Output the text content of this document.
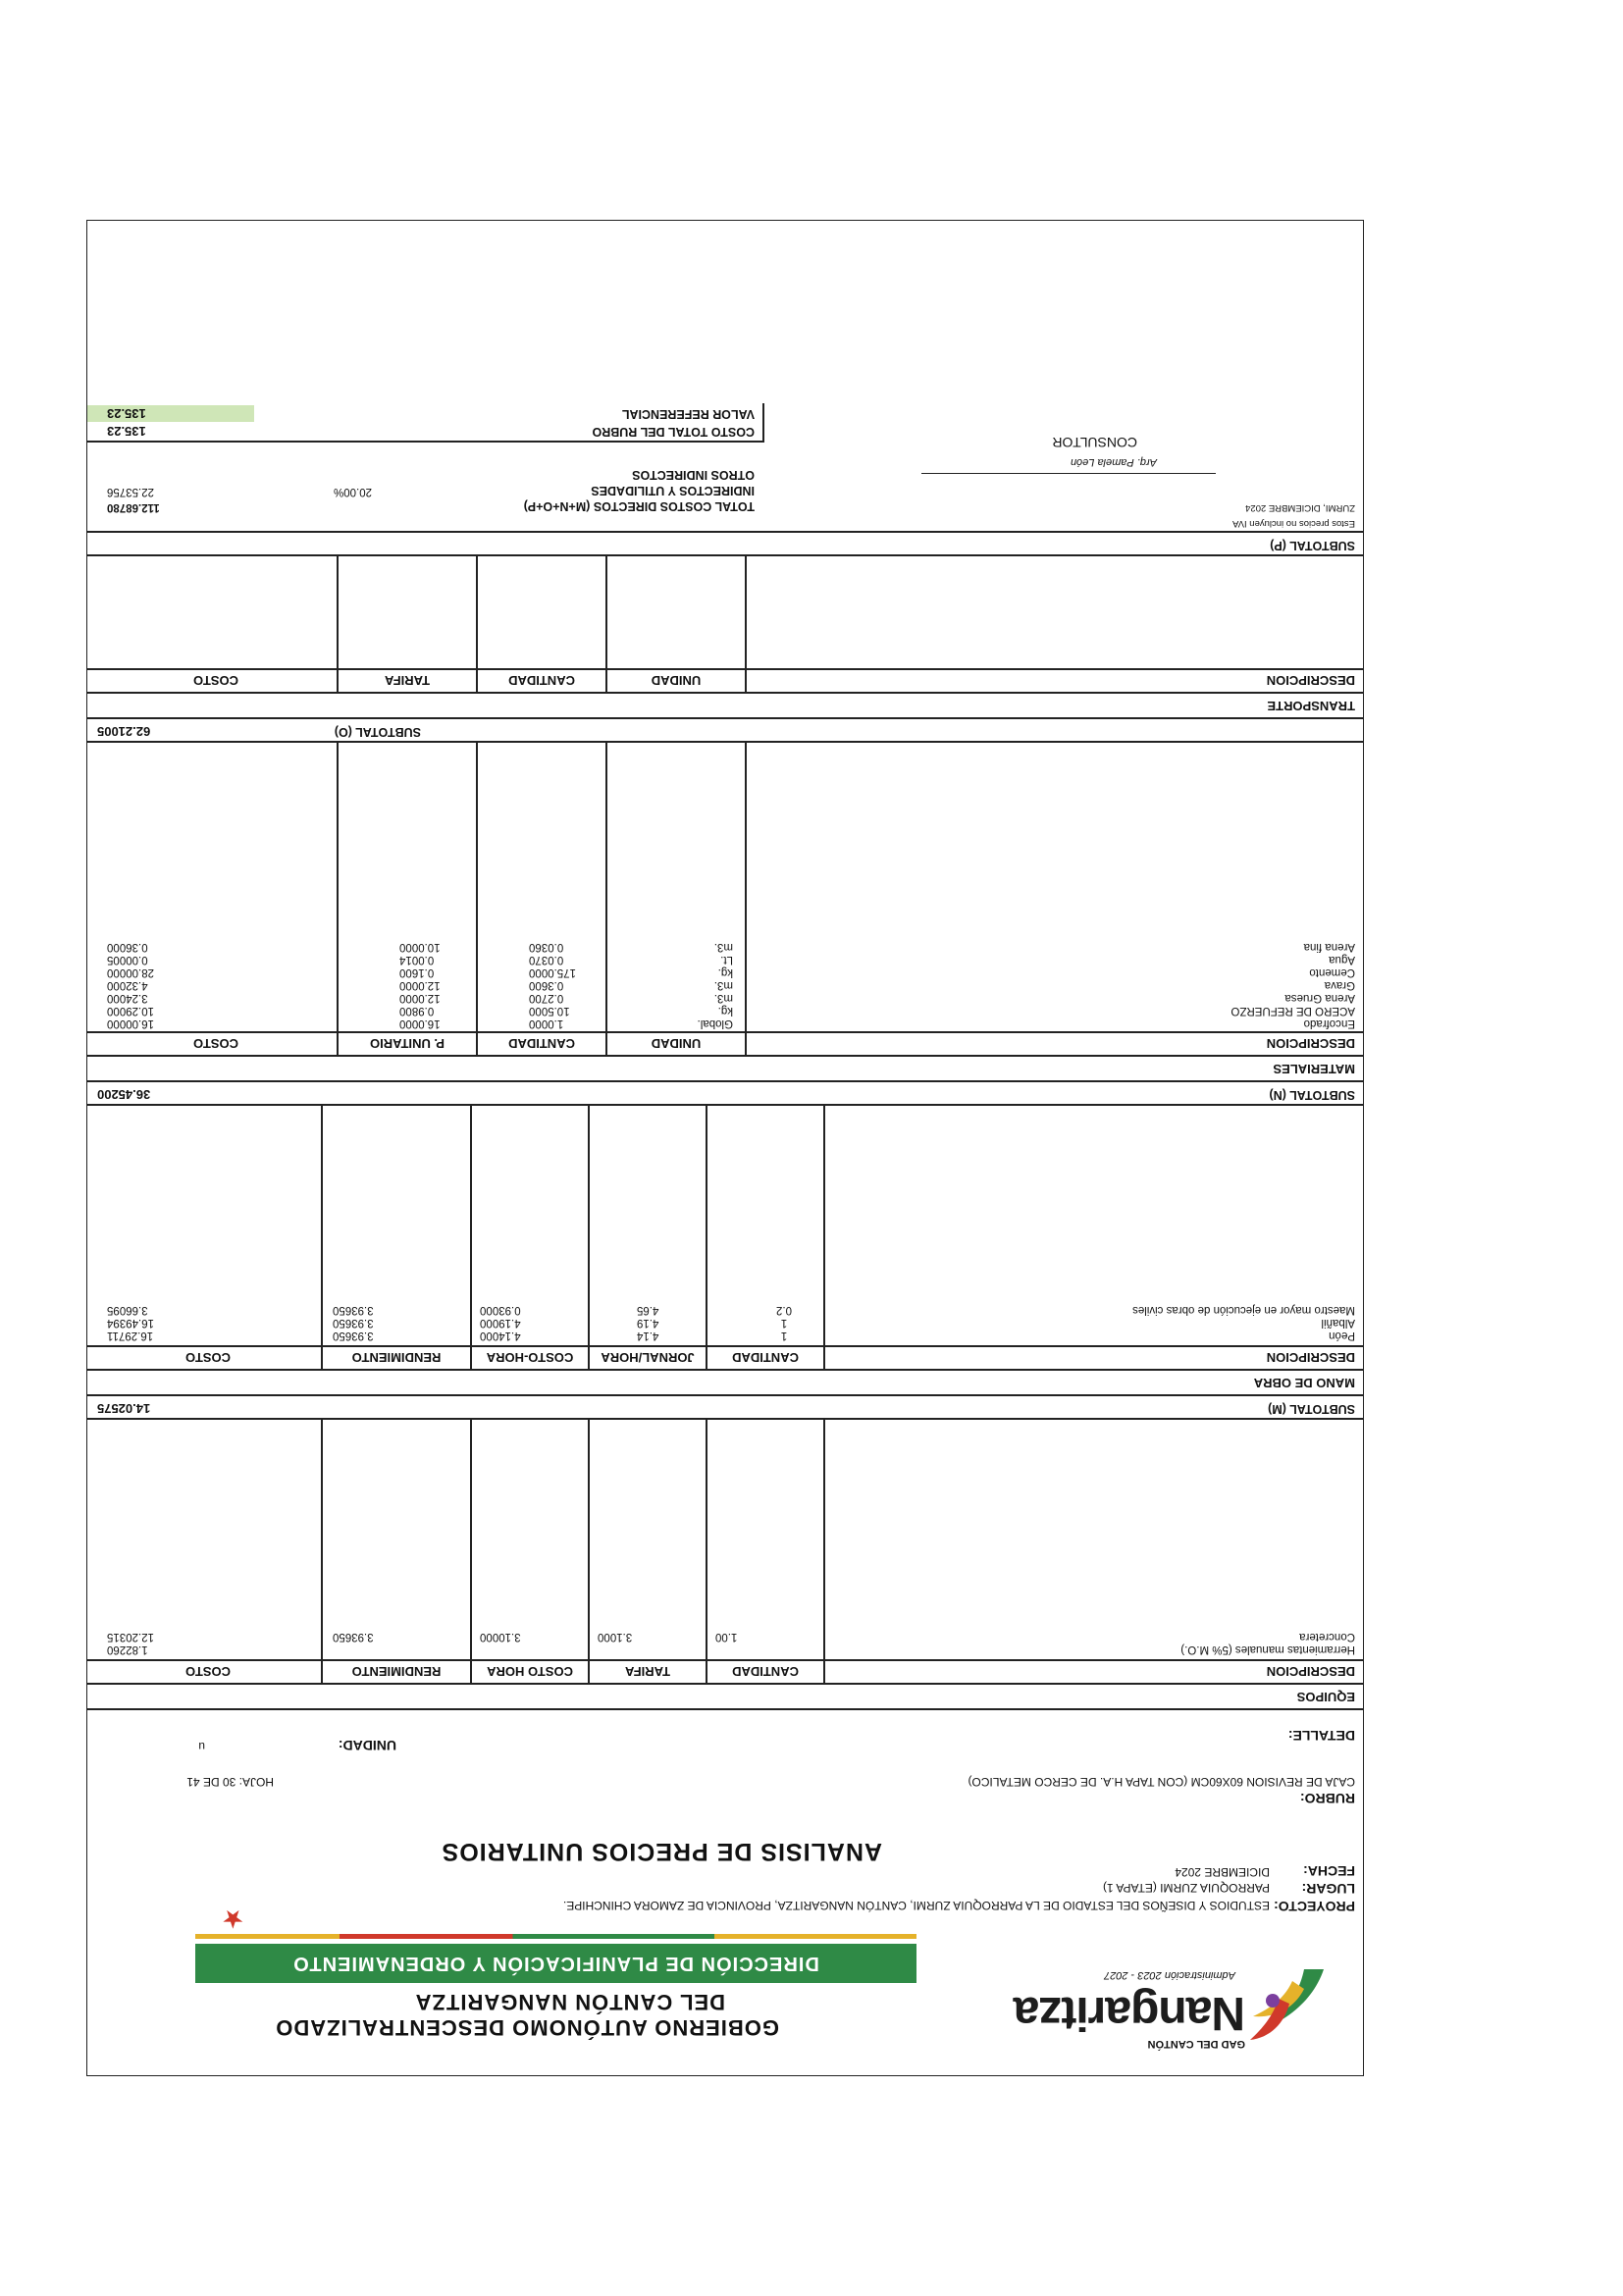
GAD DEL CANTÓN
Nangaritza
Administración 2023 - 2027
GOBIERNO AUTÓNOMO DESCENTRALIZADO
DEL CANTÓN NANGARITZA
DIRECCIÓN DE PLANIFICACIÓN Y ORDENAMIENTO
★	PROYECTO:
ESTUDIOS Y DISEÑOS DEL ESTADIO DE LA PARROQUIA ZURMI, CANTÓN NANGARITZA, PROVINCIA DE ZAMORA CHINCHIPE.
LUGAR:
PARROQUIA ZURMI (ETAPA 1)
FECHA:
DICIEMBRE 2024
ANALISIS DE PRECIOS UNITARIOS
RUBRO:
CAJA DE REVISION 60X60CM (CON TAPA H.A. DE CERCO METALICO)
HOJA: 30 DE 41
DETALLE:
UNIDAD:
u
EQUIPOS
DESCRIPCION
CANTIDAD
TARIFA
COSTO HORA
RENDIMIENTO
COSTO
Herramientas manuales (5% M.O.)
1.82260
Concretera
1.00
3.1000
3.10000
3.93650
12.20315
SUBTOTAL (M)
14.02575
MANO DE OBRA
DESCRIPCION
CANTIDAD
JORNAL/HORA
COSTO-HORA
RENDIMIENTO
COSTO
Peón
1
4.14
4.14000
3.93650
16.29711
Albañil
1
4.19
4.19000
3.93650
16.49394
Maestro mayor en ejecución de obras civiles
0.2
4.65
0.93000
3.93650
3.66095
SUBTOTAL (N)
36.45200
MATERIALES
DESCRIPCION
UNIDAD
CANTIDAD
P. UNITARIO
COSTO
Encofrado
Global.
1.0000
16.0000
16.00000
ACERO DE REFUERZO
kg.
10.5000
0.9800
10.29000
Arena Gruesa
m3.
0.2700
12.0000
3.24000
Grava
m3.
0.3600
12.0000
4.32000
Cemento
kg.
175.0000
0.1600
28.00000
Agua
Lt.
0.0370
0.0014
0.00005
Arena fina
m3.
0.0360
10.0000
0.36000
SUBTOTAL (O)
62.21005
TRANSPORTE
DESCRIPCION
UNIDAD
CANTIDAD
TARIFA
COSTO
SUBTOTAL (P)
Estos precios no incluyen IVA
ZURMI, DICIEMBRE 2024
TOTAL COSTOS DIRECTOS (M+N+O+P)
112.68780
INDIRECTOS Y UTILIDADES
20.00%
22.53756
OTROS INDIRECTOS
COSTO TOTAL DEL RUBRO
135.23
VALOR REFERENCIAL
135.23
Arq. Pamela León
CONSULTOR
